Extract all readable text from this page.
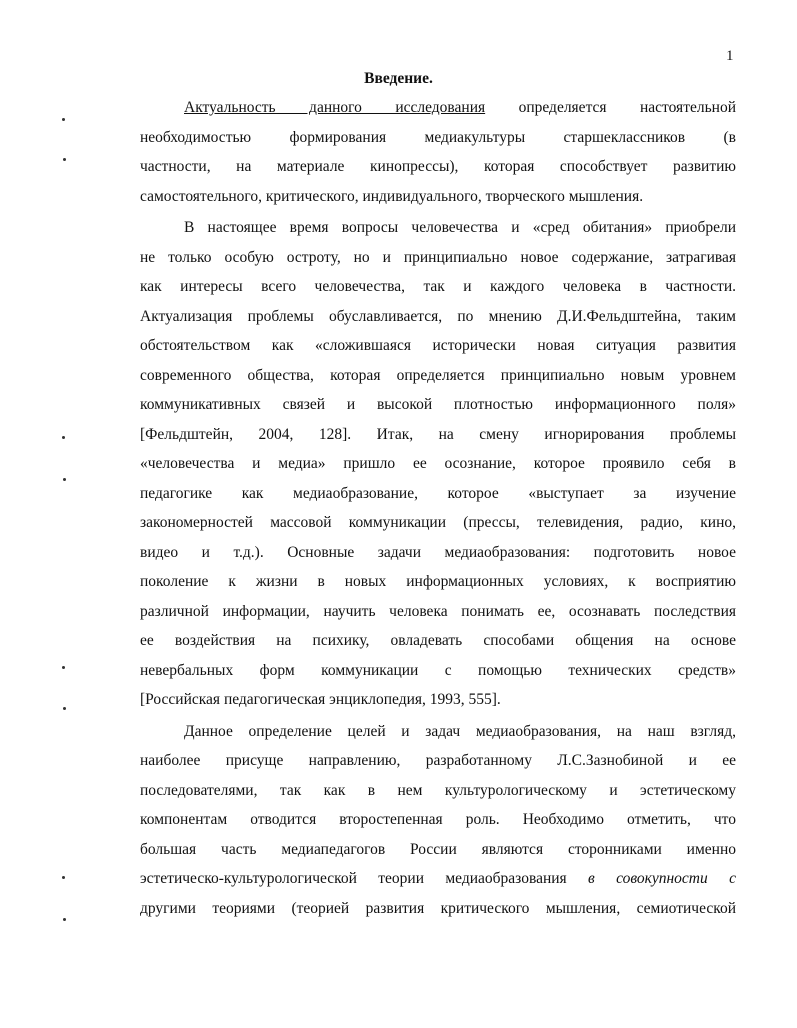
1
Введение.
Актуальность данного исследования определяется настоятельной
необходимостью формирования медиакультуры старшеклассников (в
частности, на материале кинопрессы), которая способствует развитию
самостоятельного, критического, индивидуального, творческого мышления.
В настоящее время вопросы человечества и «сред обитания» приобрели
не только особую остроту, но и принципиально новое содержание, затрагивая
как интересы всего человечества, так и каждого человека в частности.
Актуализация проблемы обуславливается, по мнению Д.И.Фельдштейна, таким
обстоятельством как «сложившаяся исторически новая ситуация развития
современного общества, которая определяется принципиально новым уровнем
коммуникативных связей и высокой плотностью информационного поля»
[Фельдштейн, 2004, 128]. Итак, на смену игнорирования проблемы
«человечества и медиа» пришло ее осознание, которое проявило себя в
педагогике как медиаобразование, которое «выступает за изучение
закономерностей массовой коммуникации (прессы, телевидения, радио, кино,
видео и т.д.). Основные задачи медиаобразования: подготовить новое
поколение к жизни в новых информационных условиях, к восприятию
различной информации, научить человека понимать ее, осознавать последствия
ее воздействия на психику, овладевать способами общения на основе
невербальных форм коммуникации с помощью технических средств»
[Российская педагогическая энциклопедия, 1993, 555].
Данное определение целей и задач медиаобразования, на наш взгляд,
наиболее присуще направлению, разработанному Л.С.Зазнобиной и ее
последователями, так как в нем культурологическому и эстетическому
компонентам отводится второстепенная роль. Необходимо отметить, что
большая часть медиапедагогов России являются сторонниками именно
эстетическо-культурологической теории медиаобразования в совокупности с
другими теориями (теорией развития критического мышления, семиотической
